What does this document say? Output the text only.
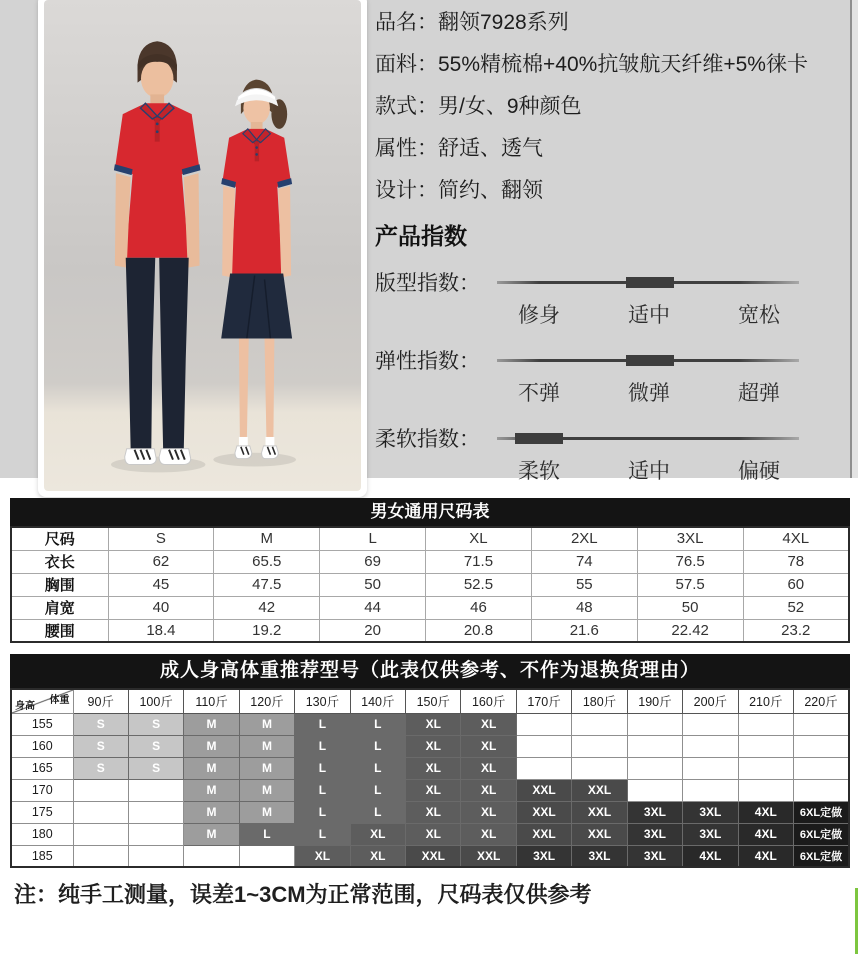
品名： 翻领7928系列
面料： 55%精梳棉+40%抗皱航天纤维+5%徕卡
款式： 男/女、9种颜色
属性： 舒适、透气
设计： 简约、翻领
产品指数
版型指数：
修身	适中	宽松
弹性指数：
不弹	微弹	超弹
柔软指数：
柔软	适中	偏硬
男女通用尺码表
尺码	S	M	L	XL	2XL	3XL	4XL
衣长	62	65.5	69	71.5	74	76.5	78
胸围	45	47.5	50	52.5	55	57.5	60
肩宽	40	42	44	46	48	50	52
腰围	18.4	19.2	20	20.8	21.6	22.42	23.2
成人身高体重推荐型号（此表仅供参考、不作为退换货理由）
体重
身高	90斤	100斤	110斤	120斤	130斤	140斤	150斤	160斤	170斤	180斤	190斤	200斤	210斤	220斤
155	S	S	M	M	L	L	XL	XL						
160	S	S	M	M	L	L	XL	XL						
165	S	S	M	M	L	L	XL	XL						
170			M	M	L	L	XL	XL	XXL	XXL				
175			M	M	L	L	XL	XL	XXL	XXL	3XL	3XL	4XL	6XL定做
180			M	L	L	XL	XL	XL	XXL	XXL	3XL	3XL	4XL	6XL定做
185					XL	XL	XXL	XXL	3XL	3XL	3XL	4XL	4XL	6XL定做
注：纯手工测量，误差1~3CM为正常范围，尺码表仅供参考
